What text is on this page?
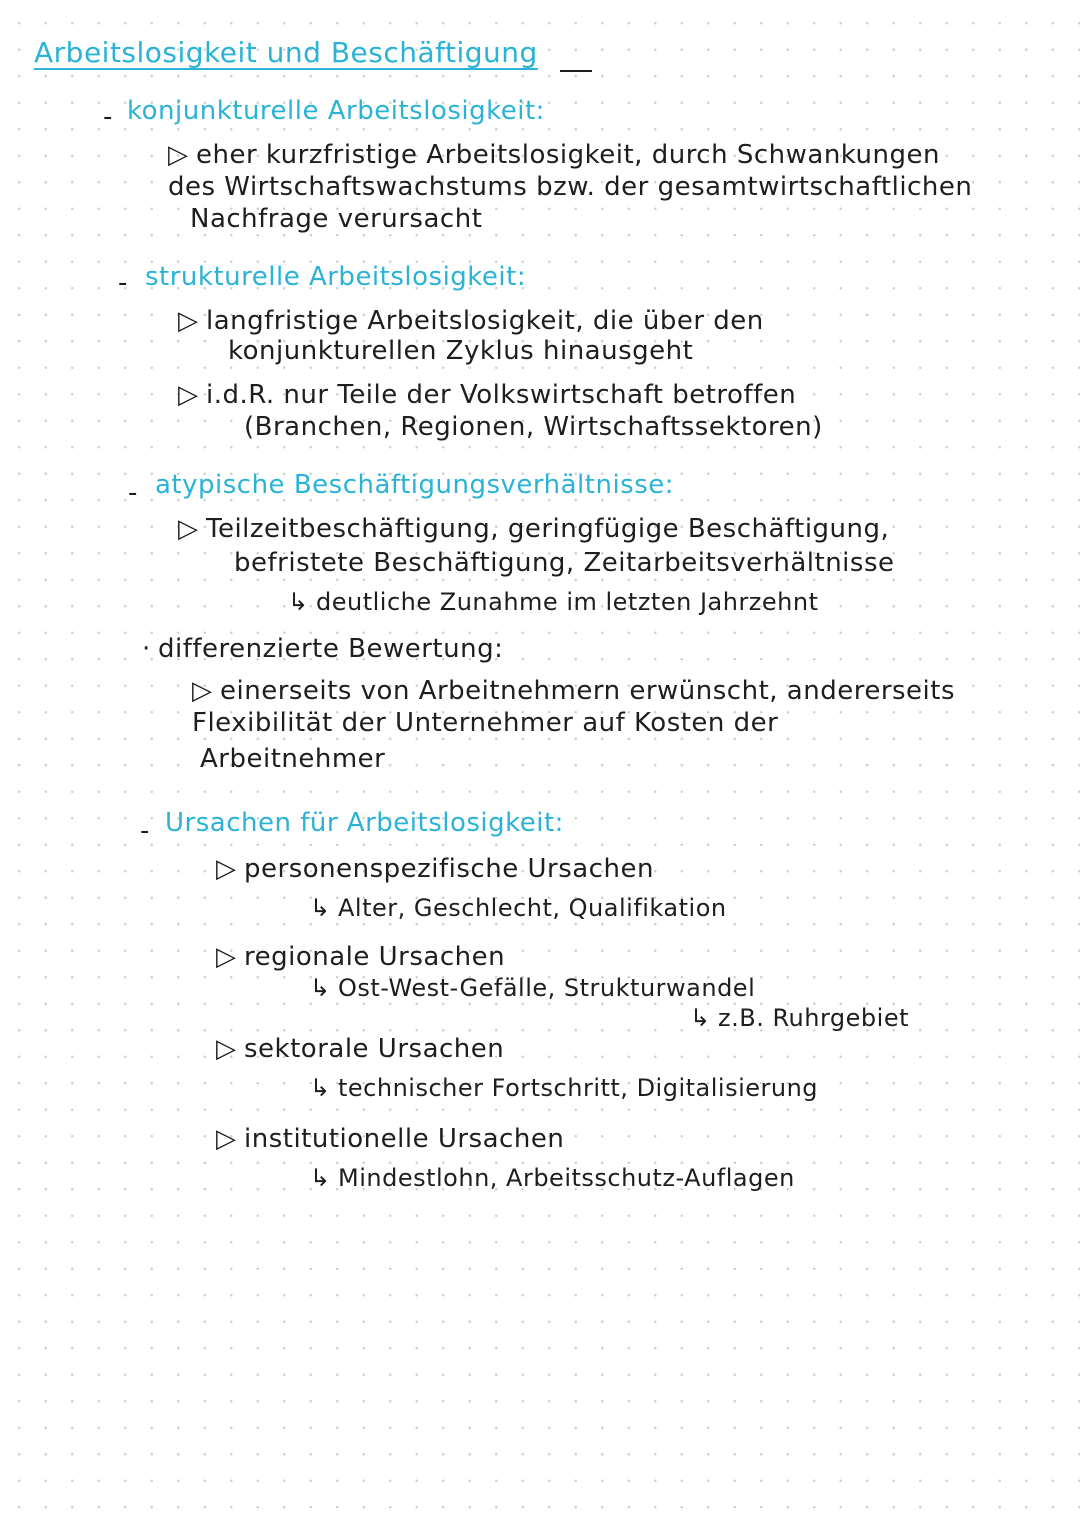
Arbeitslosigkeit und Beschäftigung
- konjunkturelle Arbeitslosigkeit:
▷ eher kurzfristige Arbeitslosigkeit, durch Schwankungen
des Wirtschaftswachstums bzw. der gesamtwirtschaftlichen
Nachfrage verursacht
- strukturelle Arbeitslosigkeit:
▷ langfristige Arbeitslosigkeit, die über den
konjunkturellen Zyklus hinausgeht
▷ i.d.R. nur Teile der Volkswirtschaft betroffen
(Branchen, Regionen, Wirtschaftssektoren)
- atypische Beschäftigungsverhältnisse:
▷ Teilzeitbeschäftigung, geringfügige Beschäftigung,
befristete Beschäftigung, Zeitarbeitsverhältnisse
↳ deutliche Zunahme im letzten Jahrzehnt
· differenzierte Bewertung:
▷ einerseits von Arbeitnehmern erwünscht, andererseits
Flexibilität der Unternehmer auf Kosten der
Arbeitnehmer
- Ursachen für Arbeitslosigkeit:
▷ personenspezifische Ursachen
↳ Alter, Geschlecht, Qualifikation
▷ regionale Ursachen
↳ Ost-West-Gefälle, Strukturwandel
↳ z.B. Ruhrgebiet
▷ sektorale Ursachen
↳ technischer Fortschritt, Digitalisierung
▷ institutionelle Ursachen
↳ Mindestlohn, Arbeitsschutz-Auflagen
